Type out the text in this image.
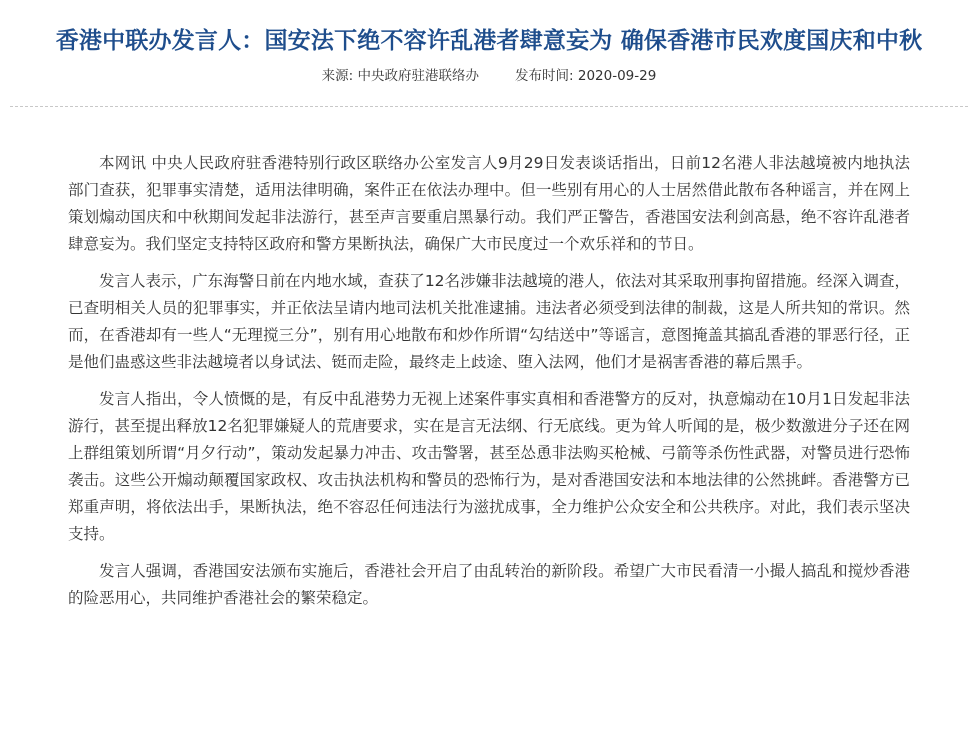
香港中联办发言人：国安法下绝不容许乱港者肆意妄为 确保香港市民欢度国庆和中秋
来源: 中央政府驻港联络办	发布时间: 2020-09-29

本网讯 中央人民政府驻香港特别行政区联络办公室发言人9月29日发表谈话指出，日前12名港人非法越境被内地执法部门查获，犯罪事实清楚，适用法律明确，案件正在依法办理中。但一些别有用心的人士居然借此散布各种谣言，并在网上策划煽动国庆和中秋期间发起非法游行，甚至声言要重启黑暴行动。我们严正警告，香港国安法利剑高悬，绝不容许乱港者肆意妄为。我们坚定支持特区政府和警方果断执法，确保广大市民度过一个欢乐祥和的节日。

发言人表示，广东海警日前在内地水域，查获了12名涉嫌非法越境的港人，依法对其采取刑事拘留措施。经深入调查，已查明相关人员的犯罪事实，并正依法呈请内地司法机关批准逮捕。违法者必须受到法律的制裁，这是人所共知的常识。然而，在香港却有一些人“无理搅三分”，别有用心地散布和炒作所谓“勾结送中”等谣言，意图掩盖其搞乱香港的罪恶行径，正是他们蛊惑这些非法越境者以身试法、铤而走险，最终走上歧途、堕入法网，他们才是祸害香港的幕后黑手。

发言人指出，令人愤慨的是，有反中乱港势力无视上述案件事实真相和香港警方的反对，执意煽动在10月1日发起非法游行，甚至提出释放12名犯罪嫌疑人的荒唐要求，实在是言无法纲、行无底线。更为耸人听闻的是，极少数激进分子还在网上群组策划所谓“月夕行动”，策动发起暴力冲击、攻击警署，甚至怂恿非法购买枪械、弓箭等杀伤性武器，对警员进行恐怖袭击。这些公开煽动颠覆国家政权、攻击执法机构和警员的恐怖行为，是对香港国安法和本地法律的公然挑衅。香港警方已郑重声明，将依法出手，果断执法，绝不容忍任何违法行为滋扰成事，全力维护公众安全和公共秩序。对此，我们表示坚决支持。

发言人强调，香港国安法颁布实施后，香港社会开启了由乱转治的新阶段。希望广大市民看清一小撮人搞乱和搅炒香港的险恶用心，共同维护香港社会的繁荣稳定。
